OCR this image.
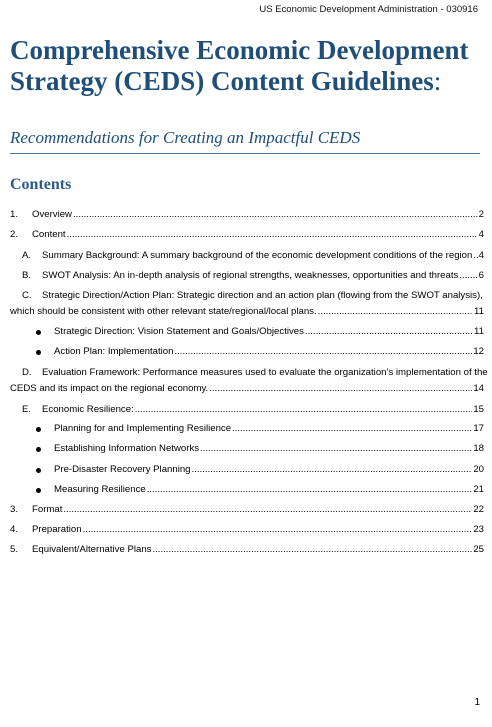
US Economic Development Administration - 030916
Comprehensive Economic Development Strategy (CEDS) Content Guidelines:
Recommendations for Creating an Impactful CEDS
Contents
1.	Overview .....	2
2.	Content .....	4
A.	Summary Background: A summary background of the economic development conditions of the region ..... 4
B.	SWOT Analysis: An in-depth analysis of regional strengths, weaknesses, opportunities and threats ..... 6
C.	Strategic Direction/Action Plan: Strategic direction and an action plan (flowing from the SWOT analysis),
which should be consistent with other relevant state/regional/local plans. .....	11
Strategic Direction: Vision Statement and Goals/Objectives .....	11
Action Plan: Implementation .....	12
D.	Evaluation Framework: Performance measures used to evaluate the organization’s implementation of the
CEDS and its impact on the regional economy. .....	14
E.	Economic Resilience: .....	15
Planning for and Implementing Resilience .....	17
Establishing Information Networks .....	18
Pre-Disaster Recovery Planning .....	20
Measuring Resilience .....	21
3.	Format .....	22
4.	Preparation .....	23
5.	Equivalent/Alternative Plans .....	25
1
